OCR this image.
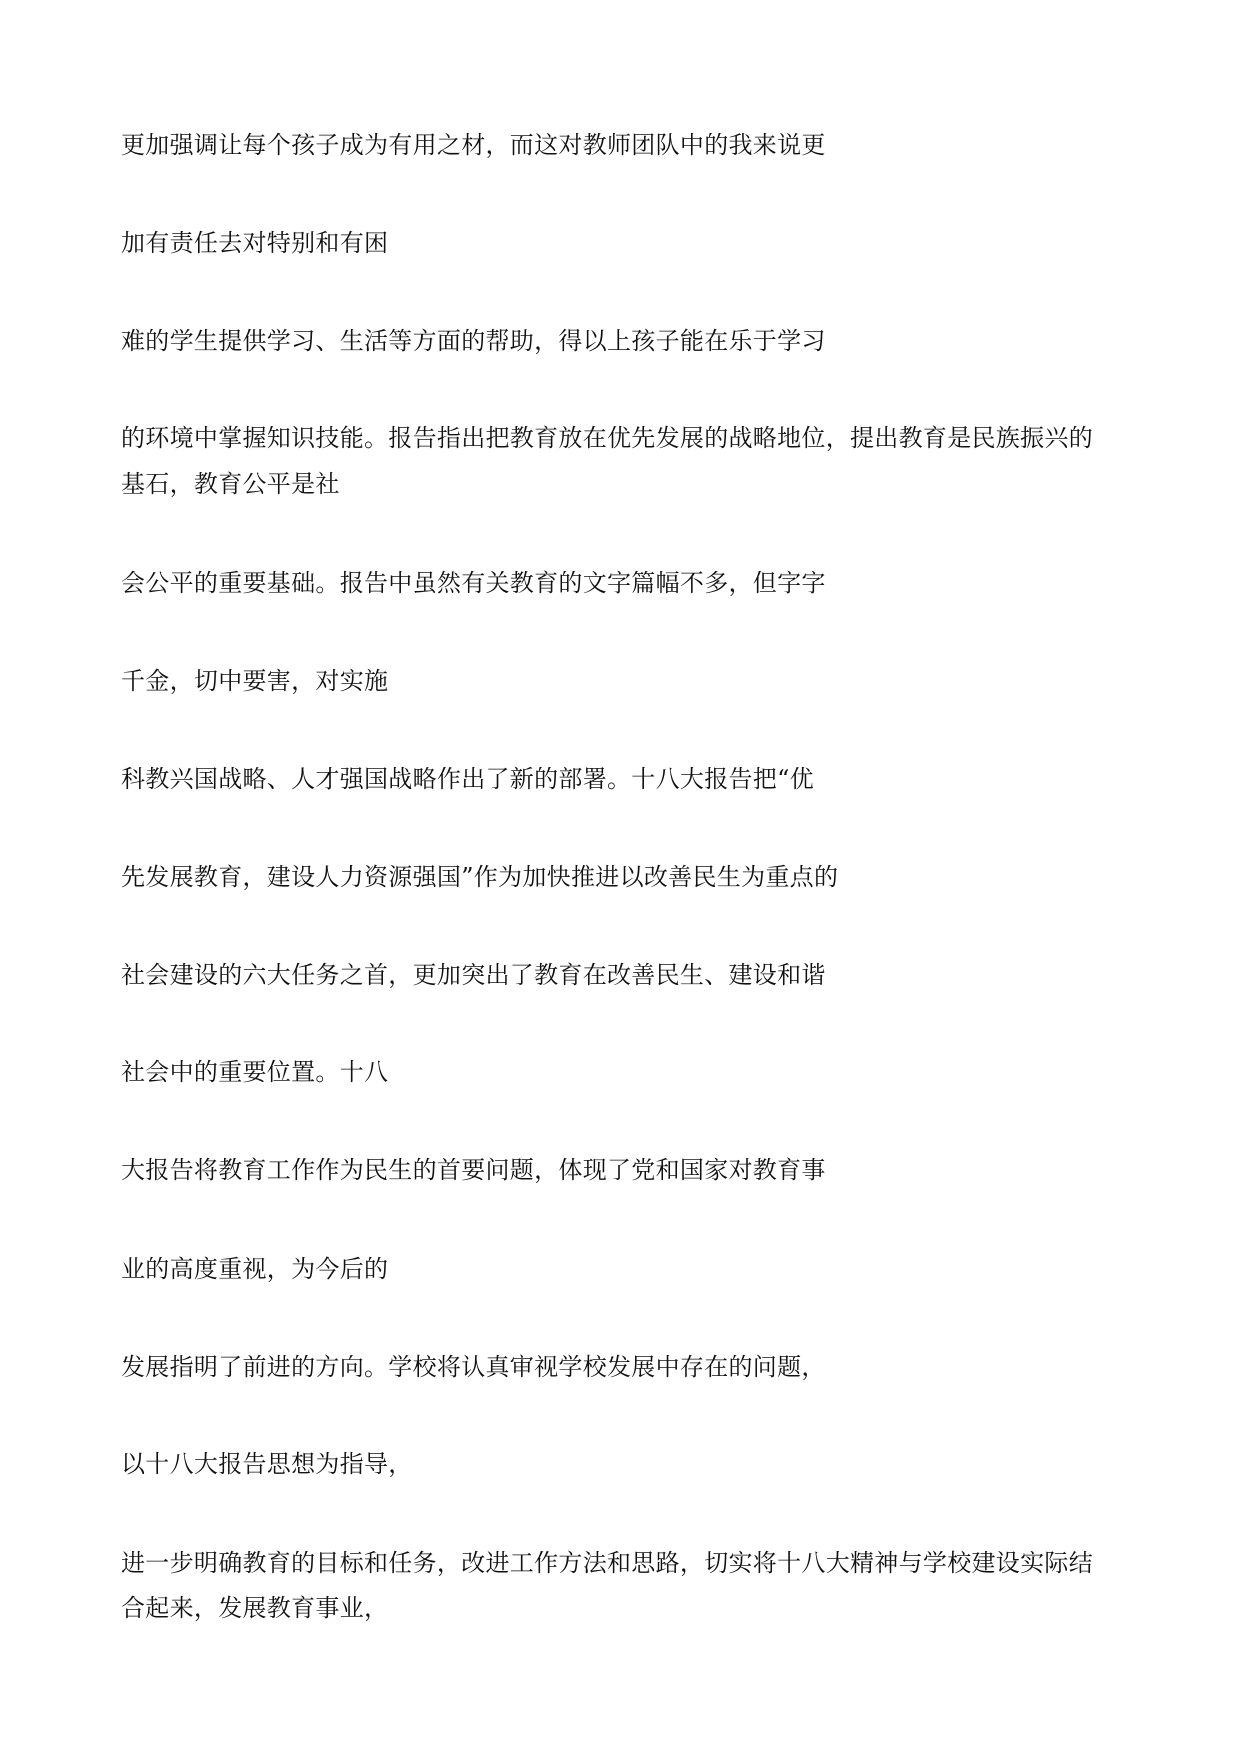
更加强调让每个孩子成为有用之材，而这对教师团队中的我来说更

加有责任去对特别和有困

难的学生提供学习、生活等方面的帮助，得以上孩子能在乐于学习

的环境中掌握知识技能。报告指出把教育放在优先发展的战略地位，提出教育是民族振兴的

基石，教育公平是社

会公平的重要基础。报告中虽然有关教育的文字篇幅不多，但字字

千金，切中要害，对实施

科教兴国战略、人才强国战略作出了新的部署。十八大报告把“优

先发展教育，建设人力资源强国”作为加快推进以改善民生为重点的

社会建设的六大任务之首，更加突出了教育在改善民生、建设和谐

社会中的重要位置。十八

大报告将教育工作作为民生的首要问题，体现了党和国家对教育事

业的高度重视，为今后的

发展指明了前进的方向。学校将认真审视学校发展中存在的问题，

以十八大报告思想为指导，

进一步明确教育的目标和任务，改进工作方法和思路，切实将十八大精神与学校建设实际结

合起来，发展教育事业，
